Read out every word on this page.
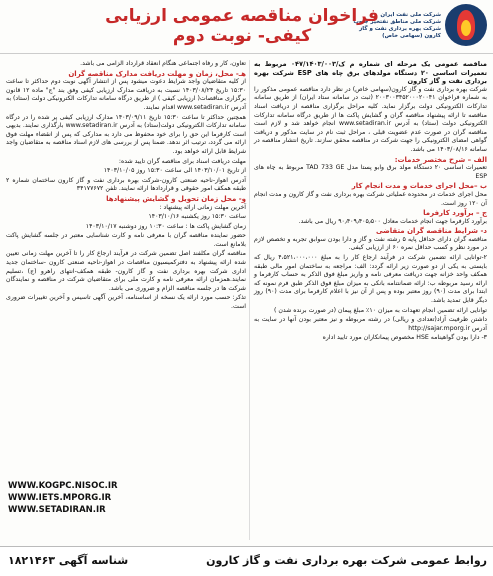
شرکت ملی نفت ایران
شرکت ملی مناطق نفتخیز جنوب
شرکت بهره برداری نفت و گاز کارون (سهامی خاص)
فراخوان مناقصه عمومی ارزیابی کیفی- نوبت دوم
مناقصه عمومی یک مرحله ای شماره م ک/۰۴۷/۱۴۰۳/۰۰۳ مربوط به تعمیرات اساسی ۲۰ دستگاه مولدهای برق چاه های ESP شرکت بهره برداری نفت و گاز کارون
شرکت بهره برداری نفت و گاز کارون(سهامی خاص) در نظر دارد مناقصه عمومی مذکور را به شماره فراخوان ۲۰۰۳۰۰۳۴۵۲۰۰۰۲۰۰۴۱ (ثبت در سامانه ستاد ایران) از طریق سامانه تدارکات الکترونیکی دولت برگزار نماید. کلیه مراحل برگزاری مناقصه از دریافت اسناد مناقصه تا ارائه پیشنهاد مناقصه گران و گشایش پاکت ها از طریق درگاه سامانه تدارکات الکترونیکی دولت (ستاد) به آدرس www.setadiran.ir انجام خواهد شد و لازم است مناقصه گران در صورت عدم عضویت قبلی ، مراحل ثبت نام در سایت مذکور و دریافت گواهی امضای الکترونیکی را جهت شرکت در مناقصه محقق سازند. تاریخ انتشار مناقصه در سامانه ۱۴۰۳/۰۸/۱۶ می باشد.
الف – شرح مختصر خدمات:
تعمیرات اساسی ۲۰ دستگاه مولد برق وابو پستا مدل TAD 733 GE مربوط به چاه های ESP
ب –محل اجرای خدمات و مدت انجام کار
محل اجرای خدمات در محدوده عملیاتی شرکت بهره برداری نفت و گاز کارون و مدت انجام آن ۱۲۰ روز است.
ج – برآورد کارفرما
برآورد کارفرما جهت انجام خدمات معادل ۹۰٫۴۰۹٫۴۰۵٫۵۰۰ ریال می باشد.
د- شرایط مناقصه گران متقاضی
مناقصه گران دارای حداقل پایه ۵ رشته نفت و گاز و دارا بودن سوابق تجربه و تخصص لازم در مورد نظر و کسب حداقل نمره ۶۰ از ارزیابی کیفی.
۲-توانایی ارائه تضمین شرکت در فرآیند ارجاع کار را به مبلغ ۴،۵۲۱،۰۰۰،۰۰۰ ریال که بایستی به یکی از دو صورت زیر ارائه گردد: الف: مراجعه به ساختمان امور مالی طبقه همکف واحد خزانه جهت دریافت معرفی نامه و واریز مبلغ فوق الذکر به حساب کارفرما و ارائه رسید مربوطه ب: ارائه ضمانتنامه بانکی به میزان مبلغ فوق الذکر طبق فرم نمونه که ابتدا برای مدت (۹۰) روز معتبر بوده و پس از آن نیز با اعلام کارفرما برای مدت (۹۰) روز دیگر قابل تمدید باشد.
توانایی ارائه تضمین انجام تعهدات به میزان ۱۰٪ مبلغ پیمان (در صورت برنده شدن )
داشتن ظرفیت آزاد(تعدادی و ریالی) در رشته مربوطه و نیز معتبر بودن آنها در سایت به آدرس http://sajar.mporg.ir
۳- دارا بودن گواهینامه HSE مخصوص پیمانکاران مورد تایید اداره
تعاون، کار و رفاه اجتماعی هنگام انعقاد قرارداد الزامی می باشد.
هـ- محل، زمان و مهلت دریافت مدارک مناقصه گران
از کلیه متقاضیان واجد شرایط دعوت میشود پس از انتشار آگهی نوبت دوم حداکثر تا ساعت ۱۵:۳۰ تاریخ ۱۴۰۳/۰۸/۲۴ نسبت به دریافت مدارک ارزیابی کیفی وفق بند "ج" ماده ۱۲ قانون برگزاری مناقصات( ارزیابی کیفی ) از طریق درگاه سامانه تدارکات الکترونیکی دولت (ستاد) به آدرس www.setadiran.ir اقدام نمایند.
همچنین حداکثر تا ساعت ۱۵:۳۰ تاریخ ۱۴۰۳/۰۹/۱۱ مدارک ارزیابی کیفی پر شده را در درگاه سامانه تدارکات الکترونیکی دولت(ستاد) به آدرس www.setadiran.ir بارگذاری نمایند. بدیهی است کارفرما این حق را برای خود محفوظ می دارد به مدارکی که پس از انقضاء مهلت فوق ارائه می گردد، ترتیب اثر ندهد. ضمنا پس از بررسی های لازم اسناد مناقصه به متقاضیان واجد شرایط قابل ارائه خواهد بود.
مهلت دریافت اسناد برای مناقصه گران تایید شده:
از تاریخ ۱۴۰۳/۱۰/۰۱ الی ساعت ۱۵:۳۰ روز ۱۴۰۳/۱۰/۰۵
آدرس اهواز-ناحیه صنعتی کارون-شرکت بهره برداری نفت و گاز کارون ساختمان شماره ۲ طبقه همکف امور حقوقی و قراردادها ارائه نمایند. تلفن ۳۴۱۷۷۶۷۲
و- محل زمان تحویل و گشایش پیشنهادها
آخرین مهلت زمانی ارائه پیشنهاد :
ساعت ۱۵:۳۰ روز یکشنبه ۱۴۰۳/۱۰/۱۶
زمان گشایش پاکت ها : ساعت ۱۰:۳۰ روز دوشنبه ۱۴۰۳/۱۰/۱۷
حضور نماینده مناقصه گران با معرفی نامه و کارت شناسایی معتبر در جلسه گشایش پاکت بلامانع است.
مناقصه گران مکلفند اصل تضمین شرکت در فرآیند ارجاع کار را تا آخرین مهلت زمانی تعیین شده ارائه پیشنهاد به دفترکمیسیون مناقصات در اهواز-ناحیه صنعتی کارون -ساختمان جدید اداری شرکت بهره برداری نفت و گاز کارون- طبقه همکف-انتهای راهرو (ج) ،تسلیم نمایند.همزمان ارائه معرفی نامه و کارت ملی برای متقاضیان شرکت در مناقصه و نمایندگان شرکت ها در جلسه مناقصه الزام و ضروری می باشد.
تذکر: حسب مورد ارائه یک نسخه از اساسنامه، آخرین آگهی تاسیس و آخرین تغییرات ضروری است.
WWW.KOGPC.NISOC.IR
WWW.IETS.MPORG.IR
WWW.SETADIRAN.IR
روابط عمومی شرکت بهره برداری نفت و گاز کارون
شناسه آگهی ۱۸۲۱۴۶۳
